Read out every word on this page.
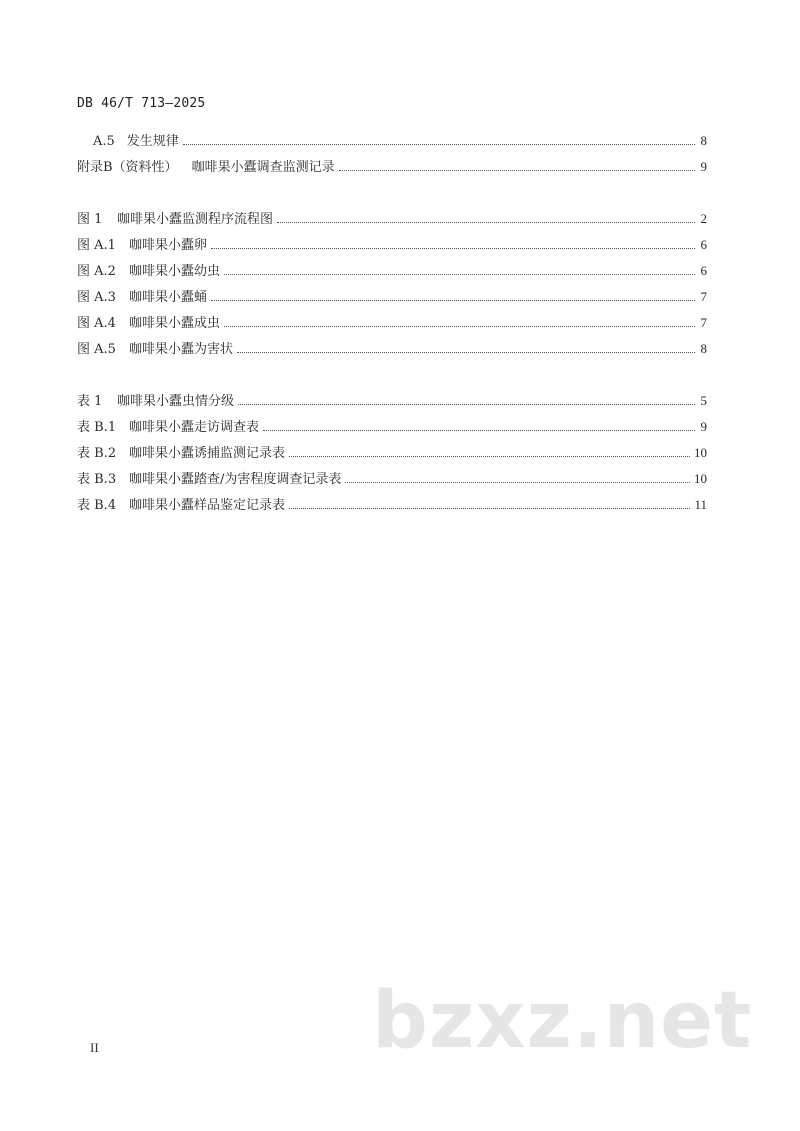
DB 46/T 713—2025
A.5 发生规律	8
附录B（资料性） 咖啡果小蠹调查监测记录	9
图 1	咖啡果小蠹监测程序流程图	2
图 A.1	咖啡果小蠹卵	6
图 A.2	咖啡果小蠹幼虫	6
图 A.3	咖啡果小蠹蛹	7
图 A.4	咖啡果小蠹成虫	7
图 A.5	咖啡果小蠹为害状	8
表 1	咖啡果小蠹虫情分级	5
表 B.1 咖啡果小蠹走访调查表	9
表 B.2 咖啡果小蠹诱捕监测记录表	10
表 B.3 咖啡果小蠹踏查/为害程度调查记录表	10
表 B.4 咖啡果小蠹样品鉴定记录表	11
II	bzxz.net
